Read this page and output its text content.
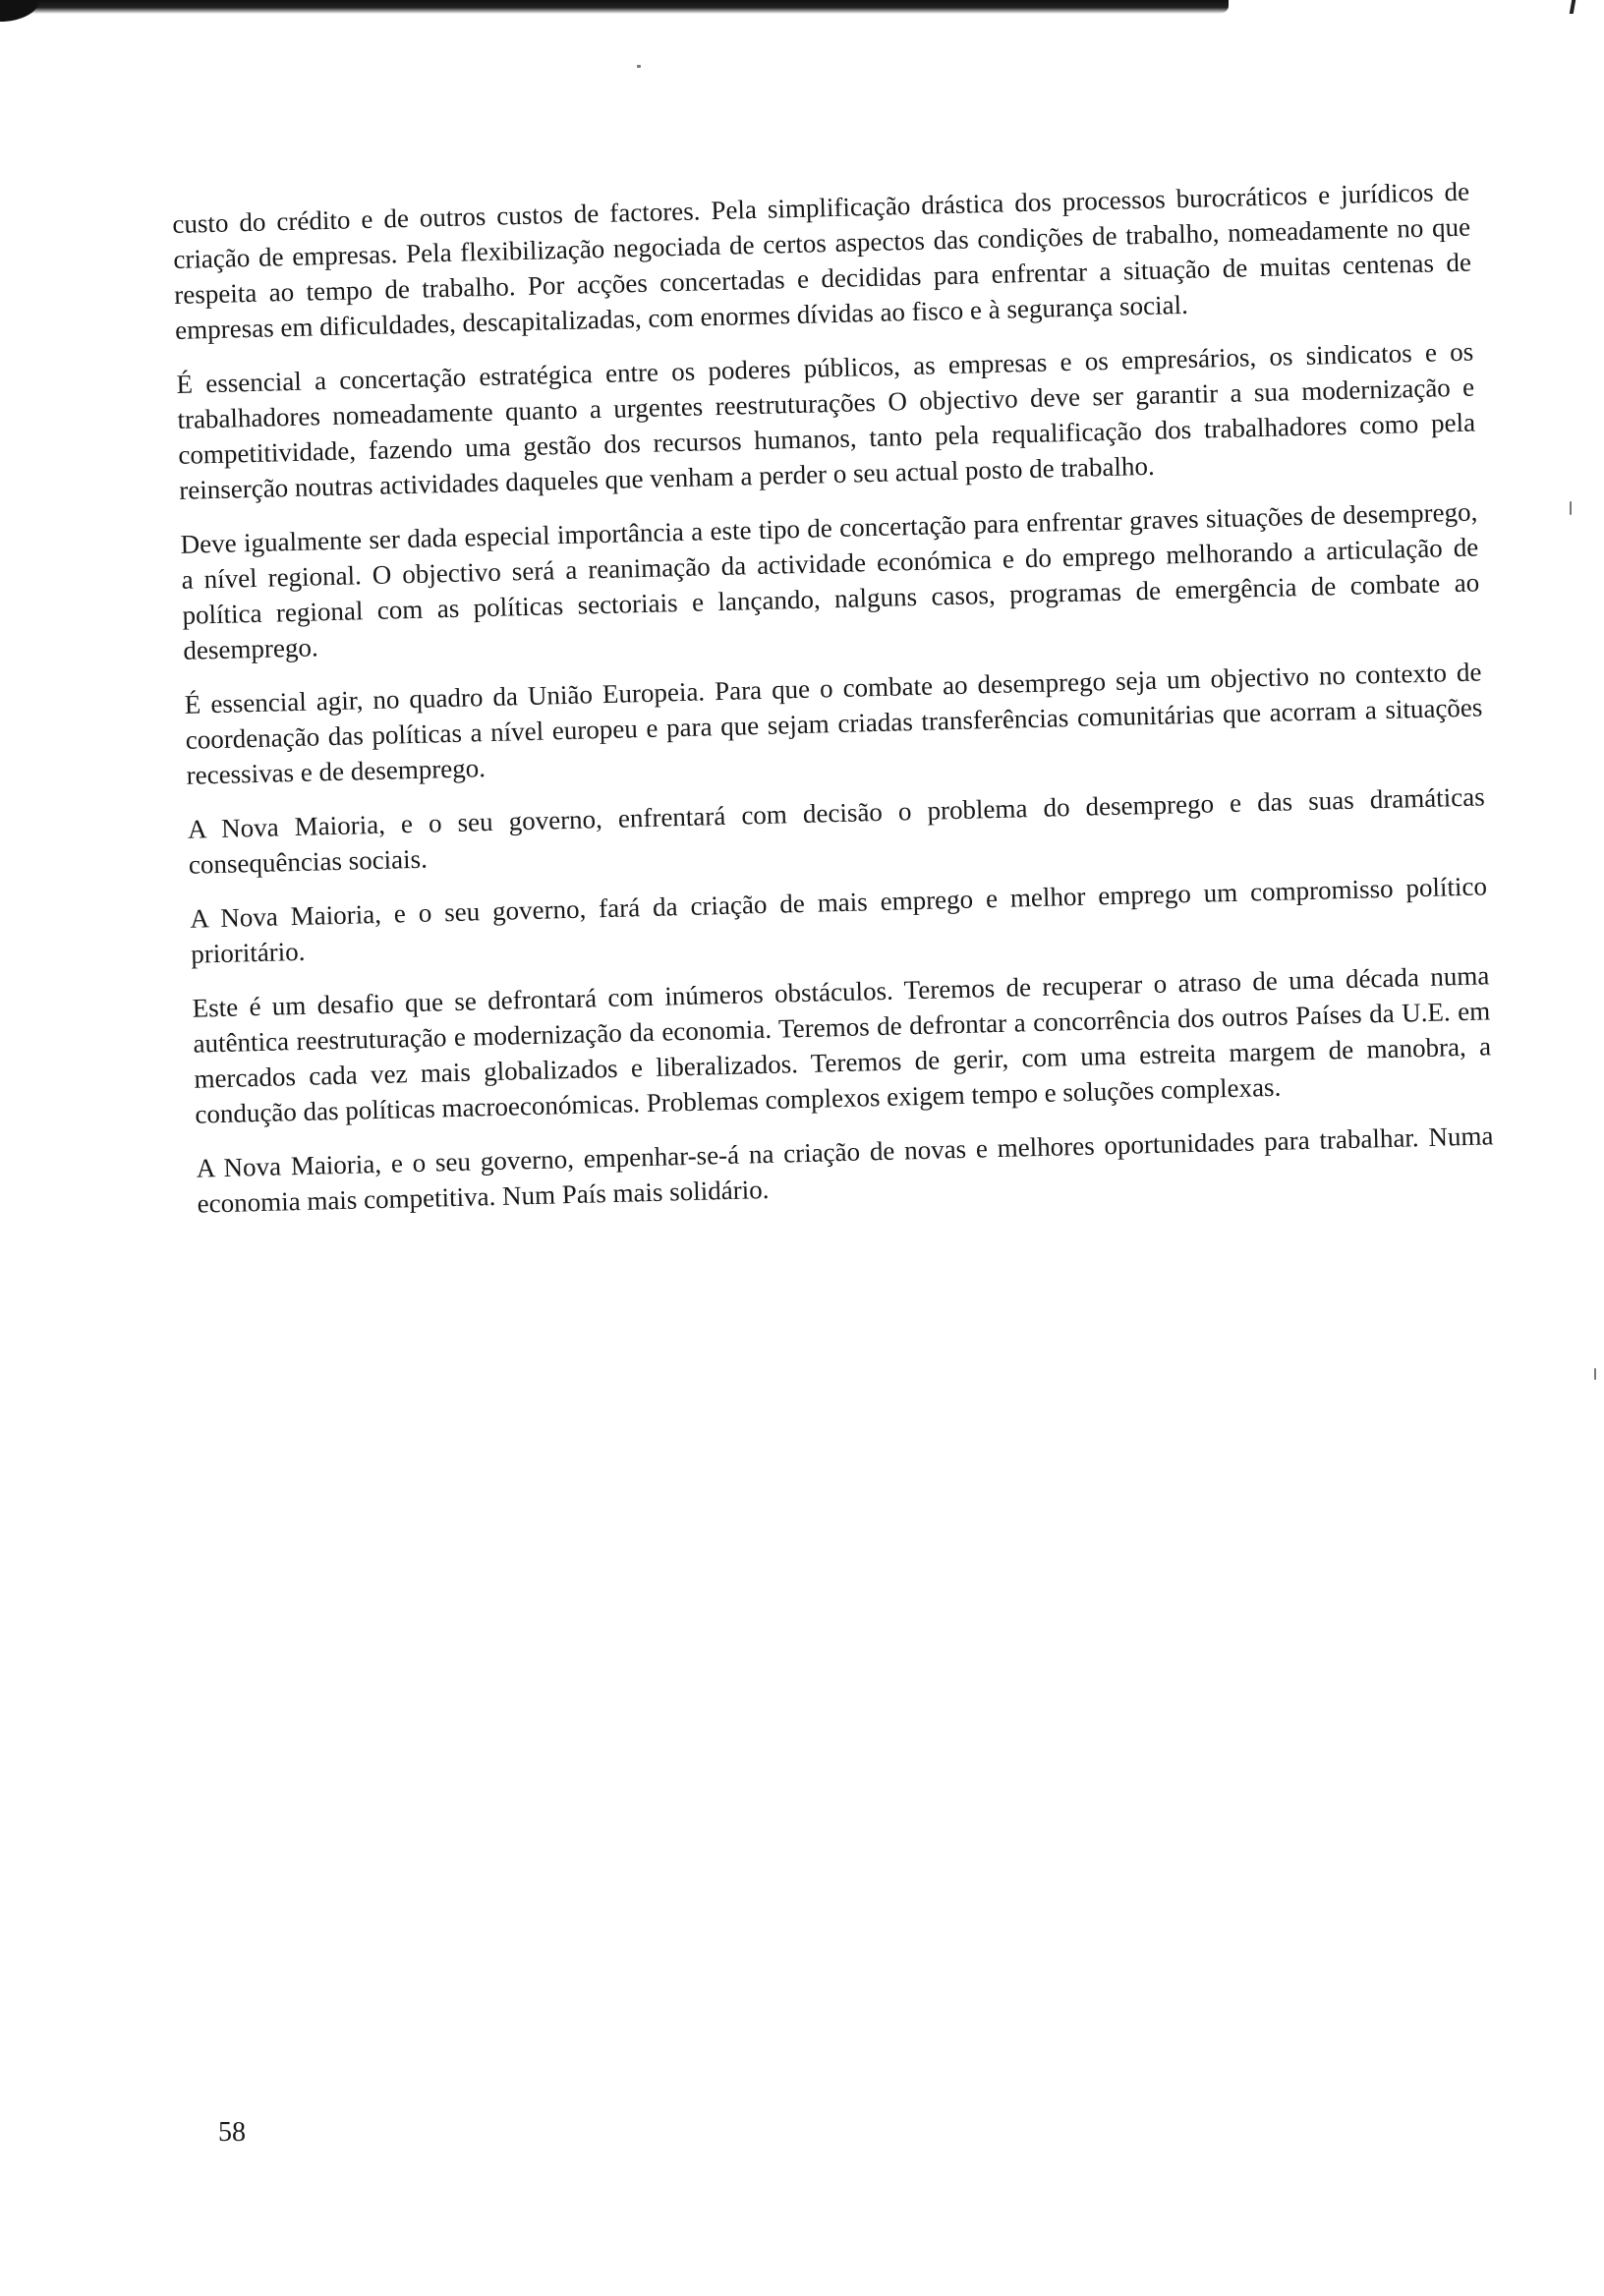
custo do crédito e de outros custos de factores. Pela simplificação drástica dos processos burocráticos e jurídicos de criação de empresas. Pela flexibilização negociada de certos aspectos das condições de trabalho, nomeadamente no que respeita ao tempo de trabalho. Por acções concertadas e decididas para enfrentar a situação de muitas centenas de empresas em dificuldades, descapitalizadas, com enormes dívidas ao fisco e à segurança social.

É essencial a concertação estratégica entre os poderes públicos, as empresas e os empresários, os sindicatos e os trabalhadores nomeadamente quanto a urgentes reestruturações O objectivo deve ser garantir a sua modernização e competitividade, fazendo uma gestão dos recursos humanos, tanto pela requalificação dos trabalhadores como pela reinserção noutras actividades daqueles que venham a perder o seu actual posto de trabalho.

Deve igualmente ser dada especial importância a este tipo de concertação para enfrentar graves situações de desemprego, a nível regional. O objectivo será a reanimação da actividade económica e do emprego melhorando a articulação de política regional com as políticas sectoriais e lançando, nalguns casos, programas de emergência de combate ao desemprego.

É essencial agir, no quadro da União Europeia. Para que o combate ao desemprego seja um objectivo no contexto de coordenação das políticas a nível europeu e para que sejam criadas transferências comunitárias que acorram a situações recessivas e de desemprego.

A Nova Maioria, e o seu governo, enfrentará com decisão o problema do desemprego e das suas dramáticas consequências sociais.

A Nova Maioria, e o seu governo, fará da criação de mais emprego e melhor emprego um compromisso político prioritário.

Este é um desafio que se defrontará com inúmeros obstáculos. Teremos de recuperar o atraso de uma década numa autêntica reestruturação e modernização da economia. Teremos de defrontar a concorrência dos outros Países da U.E. em mercados cada vez mais globalizados e liberalizados. Teremos de gerir, com uma estreita margem de manobra, a condução das políticas macroeconómicas. Problemas complexos exigem tempo e soluções complexas.

A Nova Maioria, e o seu governo, empenhar-se-á na criação de novas e melhores oportunidades para trabalhar. Numa economia mais competitiva. Num País mais solidário.

58
